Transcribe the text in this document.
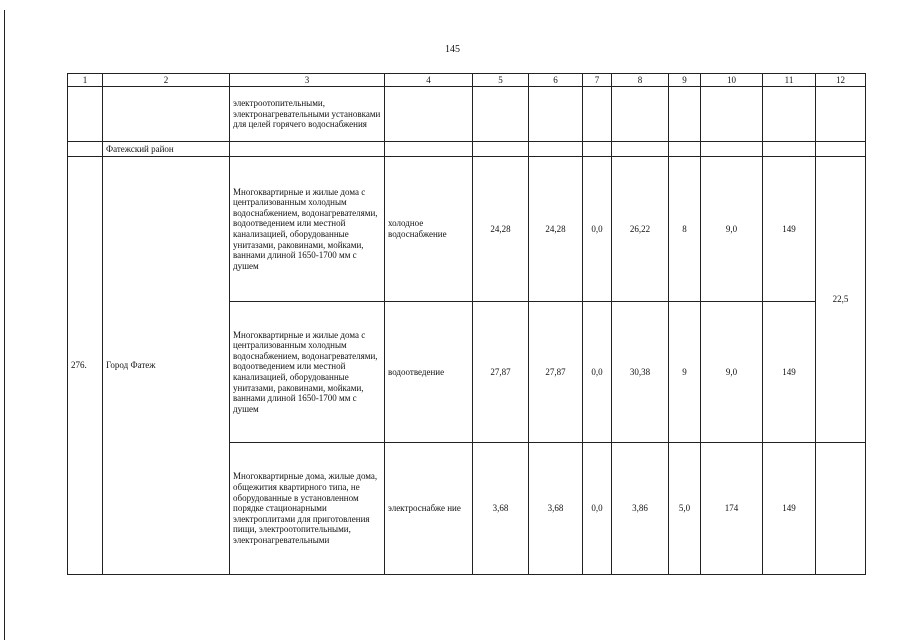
145
1	2	3	4	5	6	7	8	9	10	11	12
		электроотопительными, электронагревательными установками для целей горячего водоснабжения									
	Фатежский район										
276.	Город Фатеж	Многоквартирные и жилые дома с централизованным холодным водоснабжением, водонагревателями, водоотведением или местной канализацией, оборудованные унитазами, раковинами, мойками, ваннами длиной 1650-1700 мм с душем	холодное водоснабжение	24,28	24,28	0,0	26,22	8	9,0	149	22,5
		Многоквартирные и жилые дома с централизованным холодным водоснабжением, водонагревателями, водоотведением или местной канализацией, оборудованные унитазами, раковинами, мойками, ваннами длиной 1650-1700 мм с душем	водоотведение	27,87	27,87	0,0	30,38	9	9,0	149	
		Многоквартирные дома, жилые дома, общежития квартирного типа, не оборудованные в установленном порядке стационарными электроплитами для приготовления пищи, электроотопительными, электронагревательными	электроснабже ние	3,68	3,68	0,0	3,86	5,0	174	149	
